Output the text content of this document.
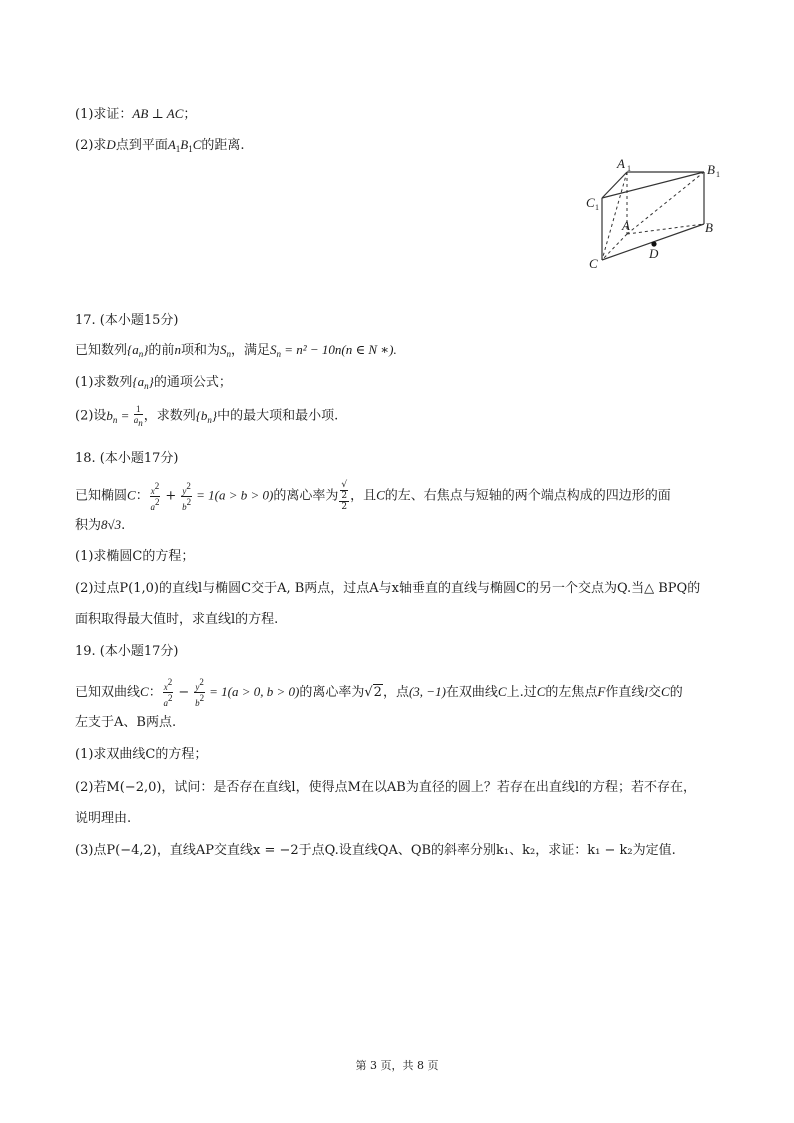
(1)求证：AB ⊥ AC；
(2)求D点到平面$A_1B_1C$的距离.
A 1	B 1
C 1
A	B
C
D
17. (本小题15分)
已知数列$\{a_n\}$的前n项和为$S_n$，满足$S_n = n^2 - 10n(n$ ∈ N ∗).
(1)求数列$\{a_n\}$的通项公式；
(2)设$b_n = \frac{1}{a_n}$ ，求数列$\{b_n\}$中的最大项和最小项.
18. (本小题17分)
已知椭圆C： $\frac{x^2}{a^2} + \frac{y^2}{b^2} = 1(a > b > 0)$的离心率为 √
2
2 ，且C的左、右焦点与短轴的两个端点构成的四边形的面
积为8√3.
(1)求椭圆C的方程；
(2)过点P(1,0)的直线l与椭圆C交于A, B两点，过点A与x轴垂直的直线与椭圆C的另一个交点为Q.当△ BPQ的
面积取得最大值时，求直线l的方程.
19. (本小题17分)
已知双曲线C： $\frac{x^2}{a^2} - \frac{y^2}{b^2} = 1(a > 0$, b > 0)的离心率为√2，点(3, −1)在双曲线C上.过C的左焦点F作直线l交C的
左支于A、B两点.
(1)求双曲线C的方程；
(2)若M(−2,0)，试问：是否存在直线l，使得点M在以AB为直径的圆上？若存在出直线l的方程；若不存在，
说明理由.
(3)点P(−4,2)，直线AP交直线x = −2于点Q.设直线QA、QB的斜率分别k₁、k₂，求证：k₁ − k₂为定值.
第 3 页，共 8 页
